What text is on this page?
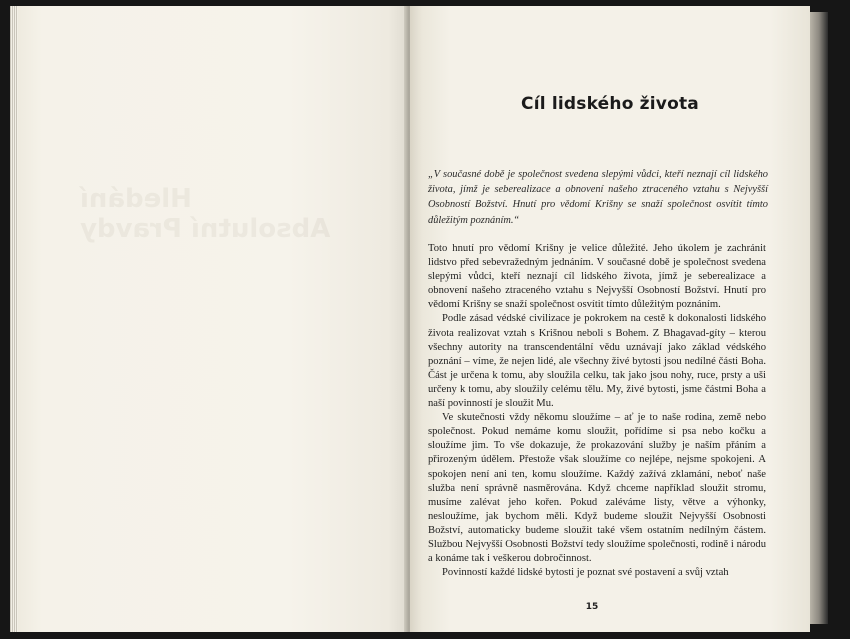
Hledání
Absolutní Pravdy
Cíl lidského života
„V současné době je společnost svedena slepými vůdci, kteří neznají cíl lidského života, jímž je seberealizace a obnovení našeho ztraceného vztahu s Nejvyšší Osobností Božství. Hnutí pro vědomí Krišny se snaží společnost osvítit tímto důležitým poznáním.“

Toto hnutí pro vědomí Krišny je velice důležité. Jeho úkolem je zachránit lidstvo před sebevražedným jednáním. V současné době je společnost svedena slepými vůdci, kteří neznají cíl lidského života, jímž je seberealizace a obnovení našeho ztraceného vztahu s Nejvyšší Osobností Božství. Hnutí pro vědomí Krišny se snaží společnost osvítit tímto důležitým poznáním.

Podle zásad védské civilizace je pokrokem na cestě k dokonalosti lidského života realizovat vztah s Krišnou neboli s Bohem. Z Bhagavad-gíty – kterou všechny autority na transcendentální vědu uznávají jako základ védského poznání – víme, že nejen lidé, ale všechny živé bytosti jsou nedílné části Boha. Část je určena k tomu, aby sloužila celku, tak jako jsou nohy, ruce, prsty a uši určeny k tomu, aby sloužily celému tělu. My, živé bytosti, jsme částmi Boha a naší povinností je sloužit Mu.

Ve skutečnosti vždy někomu sloužíme – ať je to naše rodina, země nebo společnost. Pokud nemáme komu sloužit, pořídíme si psa nebo kočku a sloužíme jim. To vše dokazuje, že prokazování služby je naším přáním a přirozeným údělem. Přestože však sloužíme co nejlépe, nejsme spokojeni. A spokojen není ani ten, komu sloužíme. Každý zažívá zklamání, neboť naše služba není správně nasměrována. Když chceme například sloužit stromu, musíme zalévat jeho kořen. Pokud zaléváme listy, větve a výhonky, nesloužíme, jak bychom měli. Když budeme sloužit Nejvyšší Osobnosti Božství, automaticky budeme sloužit také všem ostatním nedílným částem. Službou Nejvyšší Osobnosti Božství tedy sloužíme společnosti, rodině i národu a konáme tak i veškerou dobročinnost.

Povinností každé lidské bytosti je poznat své postavení a svůj vztah

15
